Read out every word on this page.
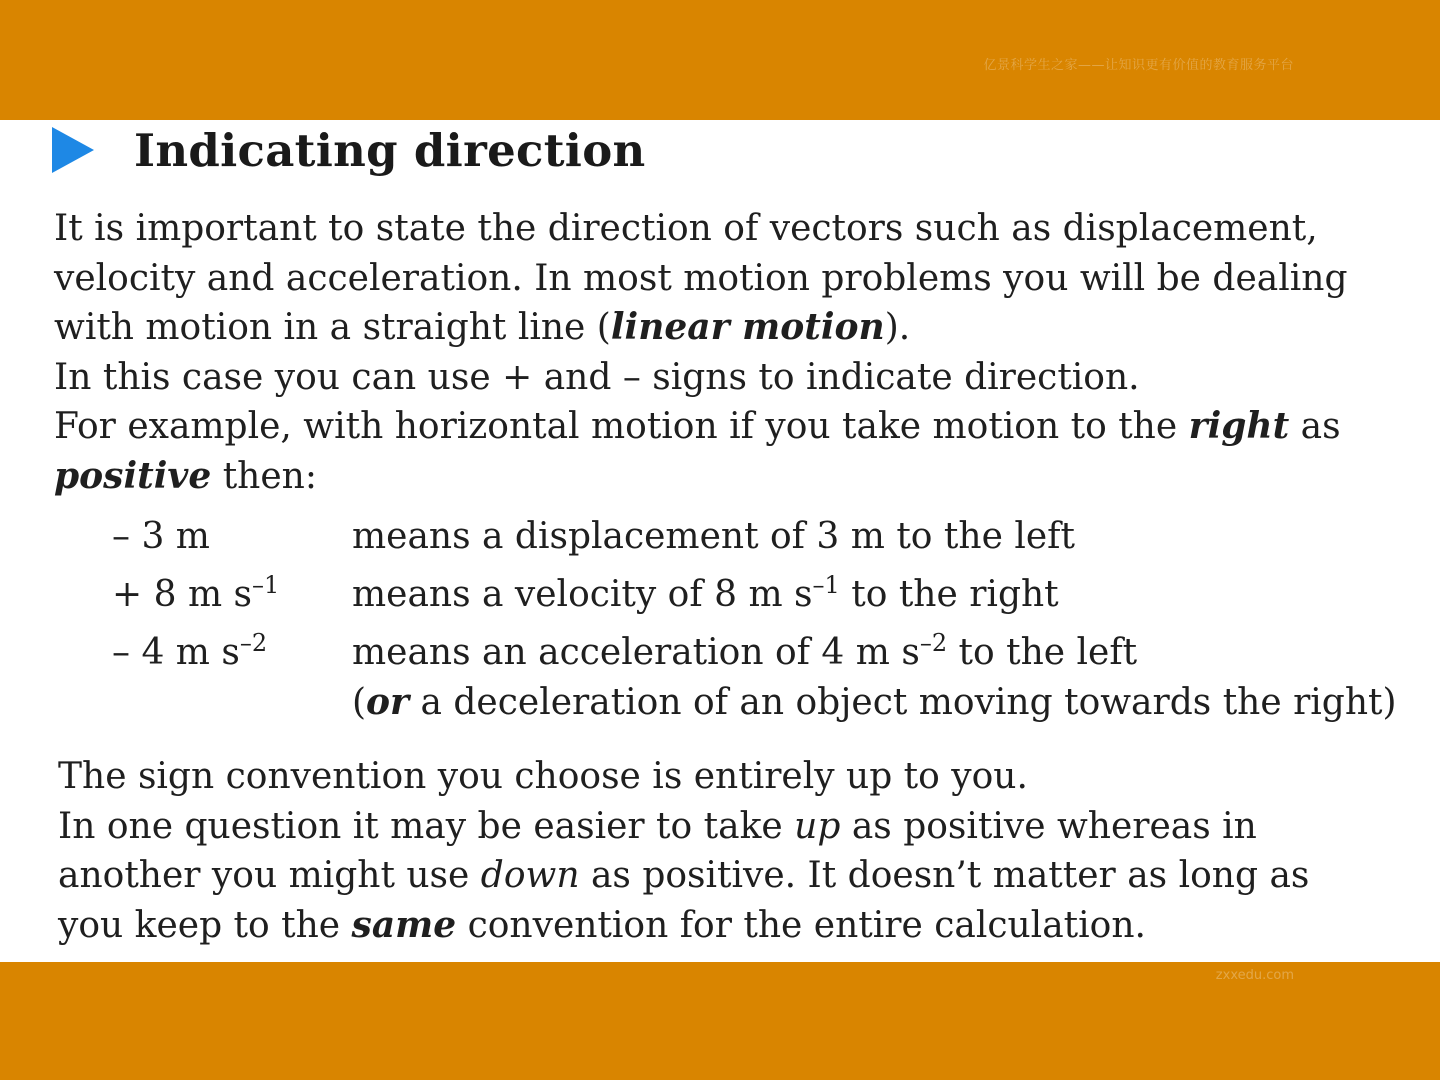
亿景科学生之家——让知识更有价值的教育服务平台
Indicating direction

It is important to state the direction of vectors such as displacement,

velocity and acceleration. In most motion problems you will be dealing

with motion in a straight line (linear motion).

In this case you can use + and – signs to indicate direction.

For example, with horizontal motion if you take motion to the right as

positive then:

– 3 m	means a displacement of 3 m to the left
+ 8 m $s^{-1}$ means a velocity of 8 m $s^{-1}$ to the right
– 4 m $s^{-2}$ means an acceleration of 4 m $s^{-2}$ to the left
(or a deceleration of an object moving towards the right)

The sign convention you choose is entirely up to you.

In one question it may be easier to take up as positive whereas in

another you might use down as positive. It doesn’t matter as long as

you keep to the same convention for the entire calculation.

zxxedu.com
